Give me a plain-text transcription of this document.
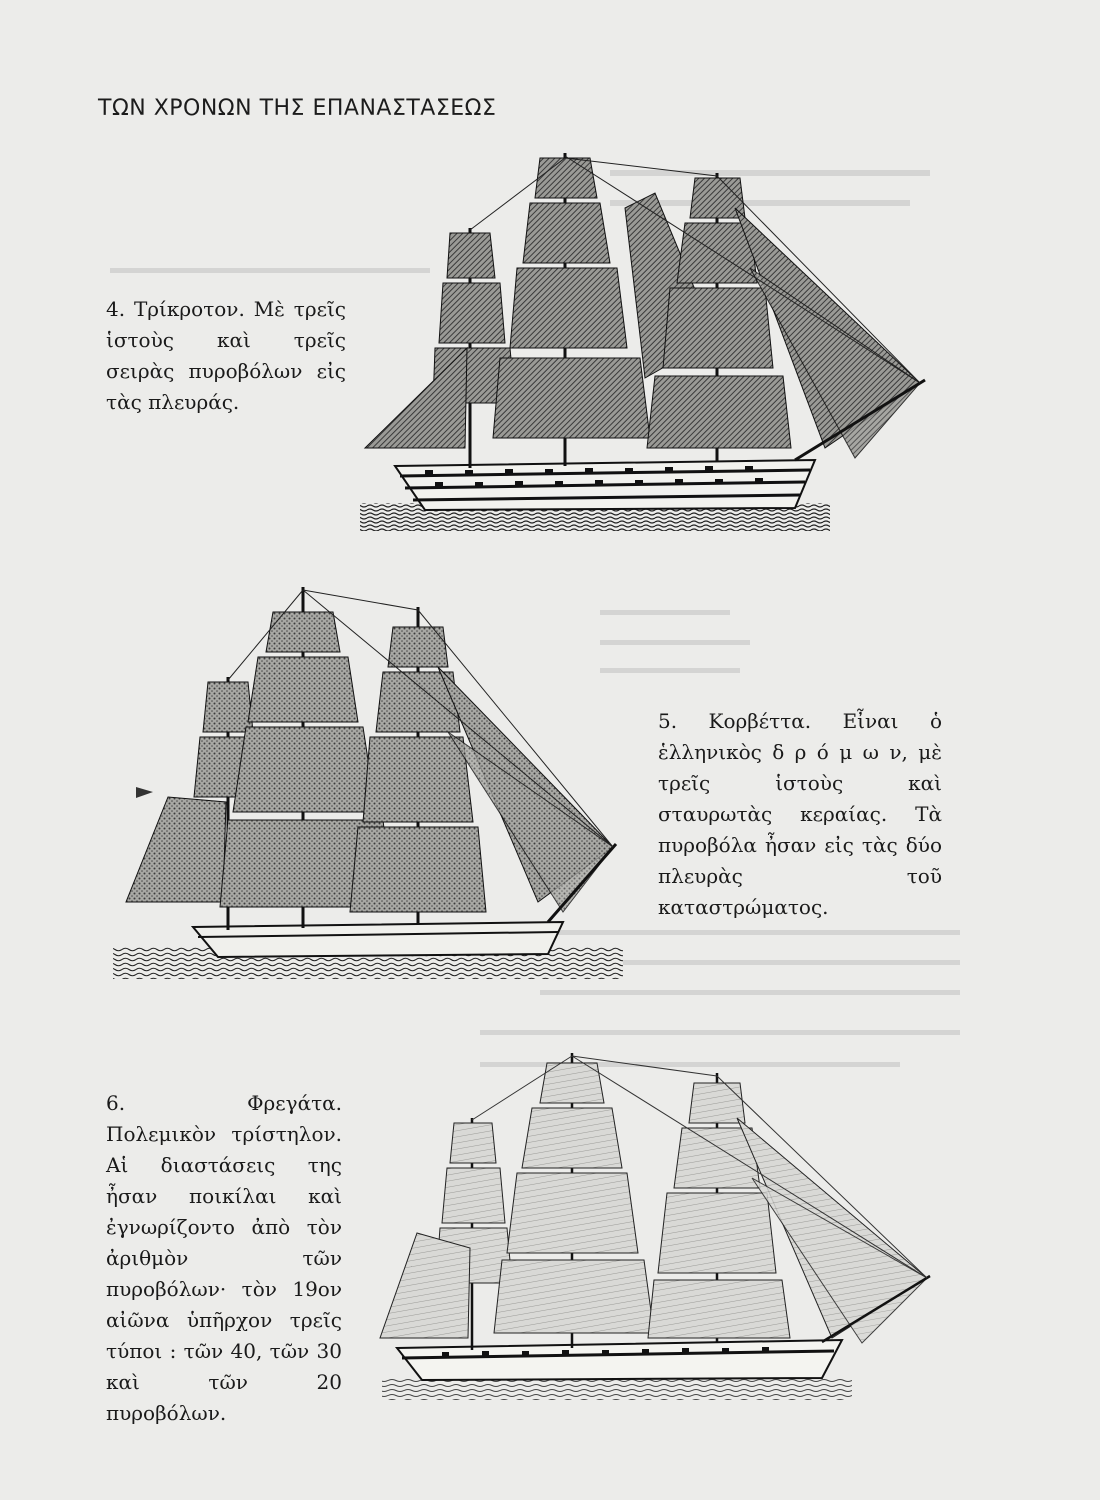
ΤΩΝ ΧΡΟΝΩΝ ΤΗΣ ΕΠΑΝΑΣΤΑΣΕΩΣ

4. Τρίκροτον. Μὲ τρεῖς ἱστοὺς καὶ τρεῖς σειρὰς πυροβόλων εἰς τὰς πλευράς.

5. Κορβέττα. Εἶναι ὁ ἑλληνικὸς δ ρ ό μ ω ν, μὲ τρεῖς ἱστοὺς καὶ σταυρωτὰς κεραίας. Τὰ πυροβόλα ἦσαν εἰς τὰς δύο πλευρὰς τοῦ καταστρώματος.

6. Φρεγάτα. Πολεμικὸν τρίστηλον. Αἱ διαστάσεις της ἦσαν ποικίλαι καὶ ἐγνωρίζοντο ἀπὸ τὸν ἀριθμὸν τῶν πυροβόλων· τὸν 19ον αἰῶνα ὑπῆρχον τρεῖς τύποι : τῶν 40, τῶν 30 καὶ τῶν 20 πυροβόλων.
